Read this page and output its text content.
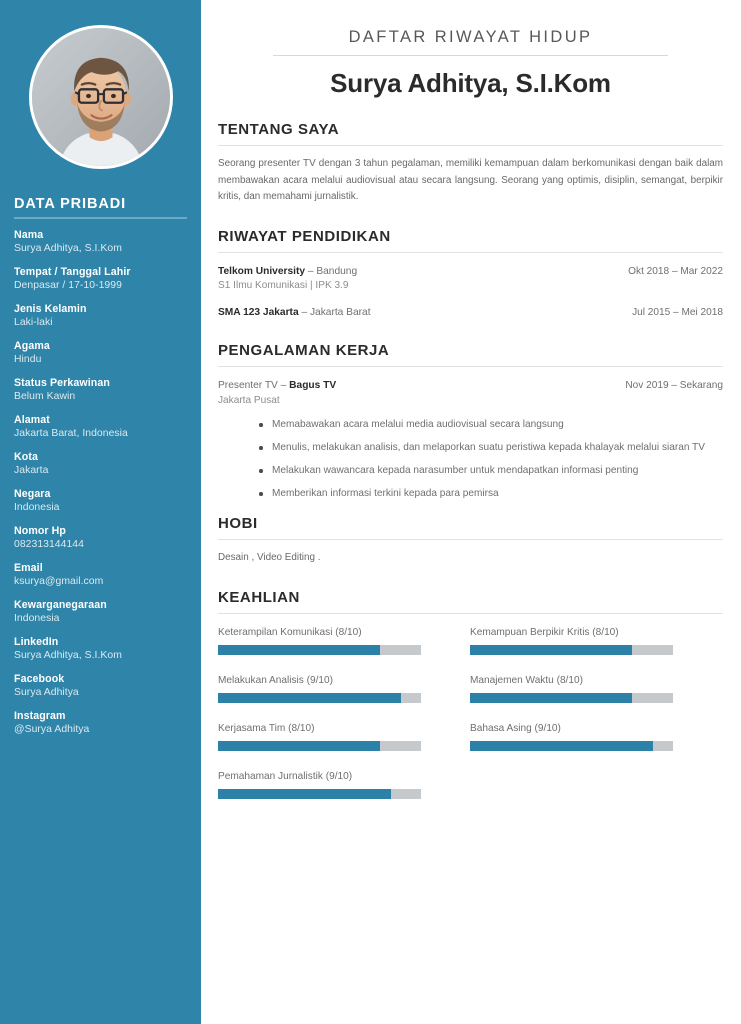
DATA PRIBADI
Nama
Surya Adhitya, S.I.Kom
Tempat / Tanggal Lahir
Denpasar / 17-10-1999
Jenis Kelamin
Laki-laki
Agama
Hindu
Status Perkawinan
Belum Kawin
Alamat
Jakarta Barat, Indonesia
Kota
Jakarta
Negara
Indonesia
Nomor Hp
082313144144
Email
ksurya@gmail.com
Kewarganegaraan
Indonesia
LinkedIn
Surya Adhitya, S.I.Kom
Facebook
Surya Adhitya
Instagram
@Surya Adhitya
DAFTAR RIWAYAT HIDUP
Surya Adhitya, S.I.Kom
TENTANG SAYA

Seorang presenter TV dengan 3 tahun pegalaman, memiliki kemampuan dalam berkomunikasi dengan baik dalam membawakan acara melalui audiovisual atau secara langsung. Seorang yang optimis, disiplin, semangat, berpikir kritis, dan memahami jurnalistik.

RIWAYAT PENDIDIKAN
Telkom University – Bandung	Okt 2018 – Mar 2022
S1 Ilmu Komunikasi | IPK 3.9
SMA 123 Jakarta – Jakarta Barat	Jul 2015 – Mei 2018
PENGALAMAN KERJA
Presenter TV – Bagus TV	Nov 2019 – Sekarang
Jakarta Pusat
Memabawakan acara melalui media audiovisual secara langsung
Menulis, melakukan analisis, dan melaporkan suatu peristiwa kepada khalayak melalui siaran TV
Melakukan wawancara kepada narasumber untuk mendapatkan informasi penting
Memberikan informasi terkini kepada para pemirsa
HOBI

Desain , Video Editing .

KEAHLIAN
Keterampilan Komunikasi (8/10)	Kemampuan Berpikir Kritis (8/10)
Melakukan Analisis (9/10)	Manajemen Waktu (8/10)
Kerjasama Tim (8/10)	Bahasa Asing (9/10)
Pemahaman Jurnalistik (9/10)
